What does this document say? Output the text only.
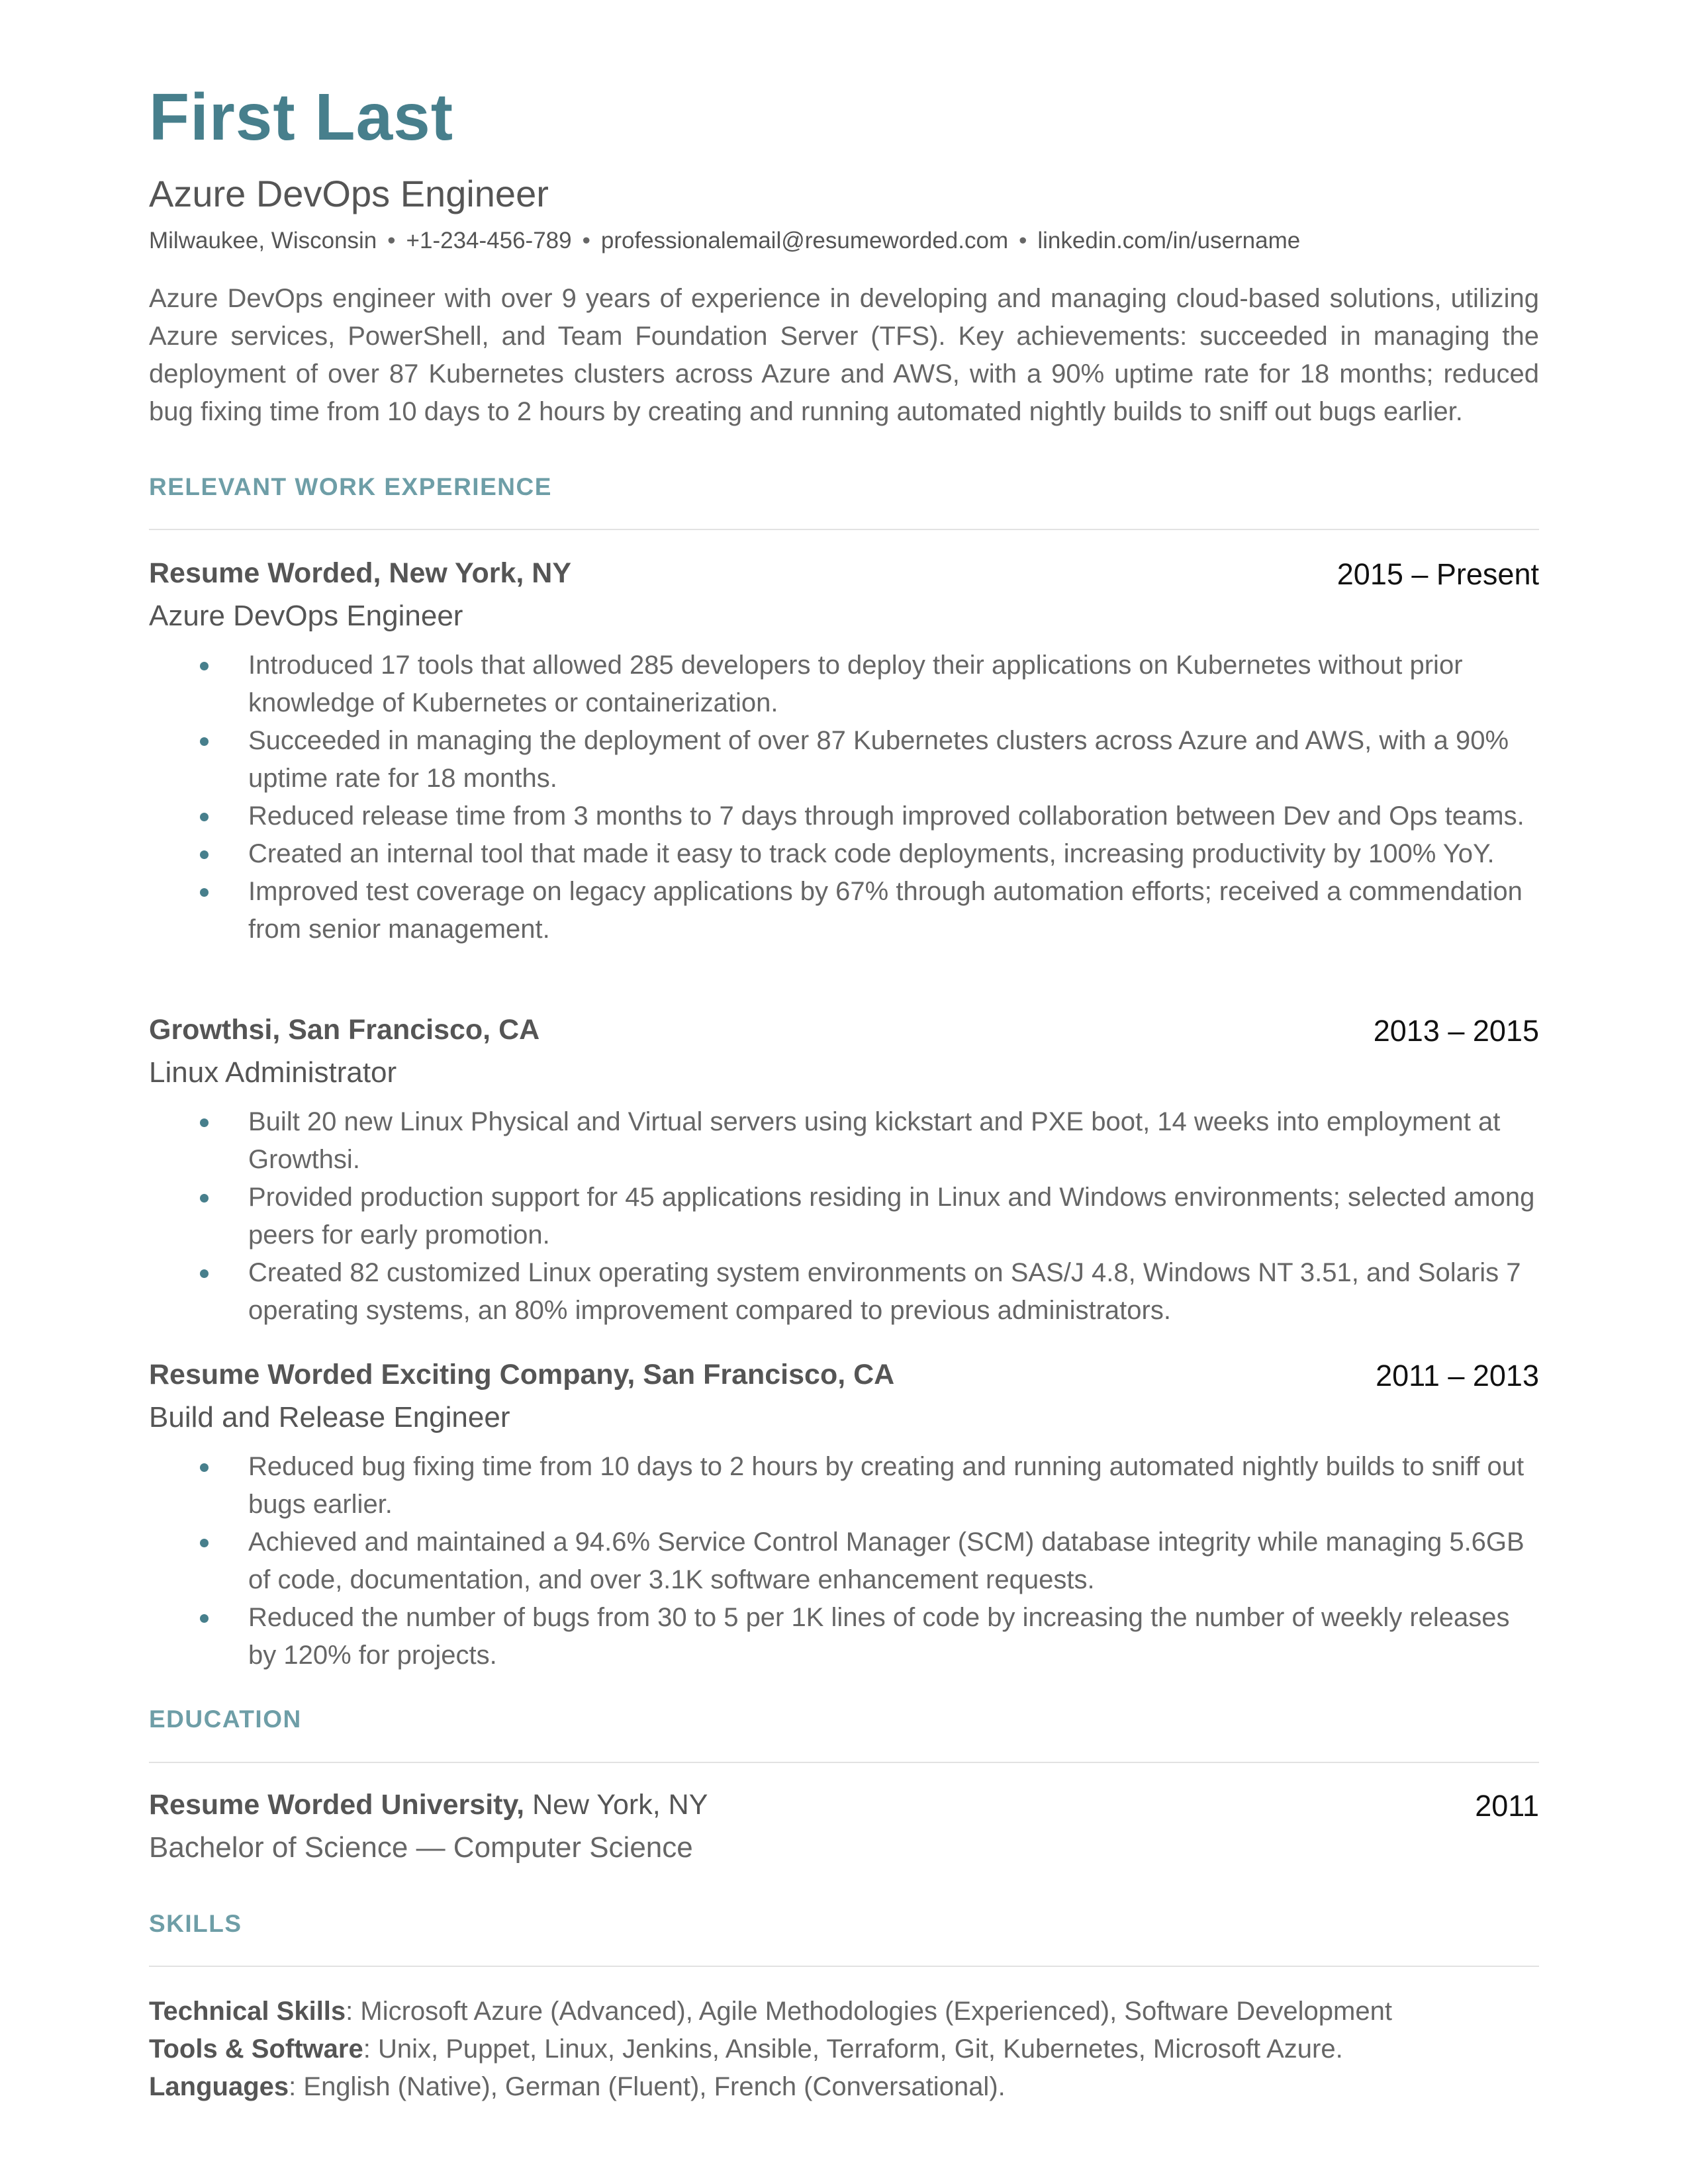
First Last
Azure DevOps Engineer
Milwaukee, Wisconsin • +1-234-456-789 • professionalemail@resumeworded.com • linkedin.com/in/username
Azure DevOps engineer with over 9 years of experience in developing and managing cloud-based solutions, utilizing Azure services, PowerShell, and Team Foundation Server (TFS). Key achievements: succeeded in managing the deployment of over 87 Kubernetes clusters across Azure and AWS, with a 90% uptime rate for 18 months; reduced bug fixing time from 10 days to 2 hours by creating and running automated nightly builds to sniff out bugs earlier.
RELEVANT WORK EXPERIENCE
Resume Worded, New York, NY	2015 – Present
Azure DevOps Engineer
Introduced 17 tools that allowed 285 developers to deploy their applications on Kubernetes without prior knowledge of Kubernetes or containerization.
Succeeded in managing the deployment of over 87 Kubernetes clusters across Azure and AWS, with a 90% uptime rate for 18 months.
Reduced release time from 3 months to 7 days through improved collaboration between Dev and Ops teams.
Created an internal tool that made it easy to track code deployments, increasing productivity by 100% YoY.
Improved test coverage on legacy applications by 67% through automation efforts; received a commendation from senior management.
Growthsi, San Francisco, CA	2013 – 2015
Linux Administrator
Built 20 new Linux Physical and Virtual servers using kickstart and PXE boot, 14 weeks into employment at Growthsi.
Provided production support for 45 applications residing in Linux and Windows environments; selected among peers for early promotion.
Created 82 customized Linux operating system environments on SAS/J 4.8, Windows NT 3.51, and Solaris 7 operating systems, an 80% improvement compared to previous administrators.
Resume Worded Exciting Company, San Francisco, CA	2011 – 2013
Build and Release Engineer
Reduced bug fixing time from 10 days to 2 hours by creating and running automated nightly builds to sniff out bugs earlier.
Achieved and maintained a 94.6% Service Control Manager (SCM) database integrity while managing 5.6GB of code, documentation, and over 3.1K software enhancement requests.
Reduced the number of bugs from 30 to 5 per 1K lines of code by increasing the number of weekly releases by 120% for projects.
EDUCATION
Resume Worded University, New York, NY	2011
Bachelor of Science — Computer Science
SKILLS
Technical Skills: Microsoft Azure (Advanced), Agile Methodologies (Experienced), Software Development
Tools & Software: Unix, Puppet, Linux, Jenkins, Ansible, Terraform, Git, Kubernetes, Microsoft Azure.
Languages: English (Native), German (Fluent), French (Conversational).
